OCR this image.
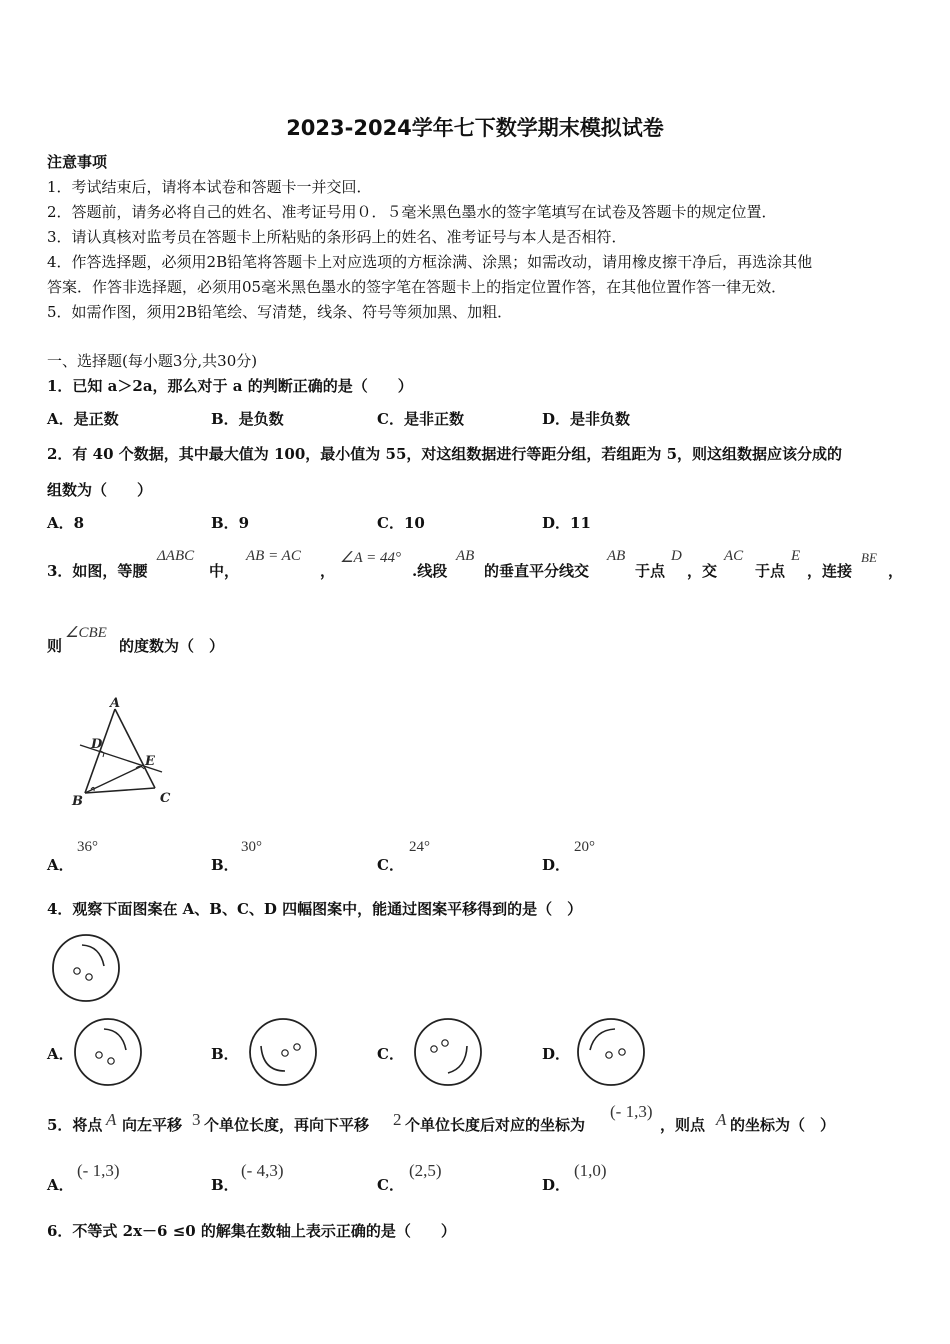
2023-2024学年七下数学期末模拟试卷
注意事项
1．考试结束后，请将本试卷和答题卡一并交回．
2．答题前，请务必将自己的姓名、准考证号用０．５毫米黑色墨水的签字笔填写在试卷及答题卡的规定位置．
3．请认真核对监考员在答题卡上所粘贴的条形码上的姓名、准考证号与本人是否相符．
4．作答选择题，必须用2B铅笔将答题卡上对应选项的方框涂满、涂黑；如需改动，请用橡皮擦干净后，再选涂其他
答案．作答非选择题，必须用05毫米黑色墨水的签字笔在答题卡上的指定位置作答，在其他位置作答一律无效．
5．如需作图，须用2B铅笔绘、写清楚，线条、符号等须加黑、加粗．
一、选择题(每小题3分,共30分)
1．已知 a＞2a，那么对于 a 的判断正确的是（　　）
A．是正数	B．是负数	C．是非正数	D．是非负数
2．有 40 个数据，其中最大值为 100，最小值为 55，对这组数据进行等距分组，若组距为 5，则这组数据应该分成的
组数为（　　）
A．8	B．9	C．10	D．11
3．如图，等腰
ΔABC
中，
AB = AC
，
∠A = 44°
.线段
AB
的垂直平分线交
AB
于点
D
，交
AC
于点
E
，连接
BE
，
则
∠CBE
的度数为（　）
A
D
E
B	C
A．
36°
B．
30°
C．
24°
D．
20°
4．观察下面图案在 A、B、C、D 四幅图案中，能通过图案平移得到的是（　）
A．	B．	C．	D．
5．将点 A 向左平移 3 个单位长度，再向下平移 2 个单位长度后对应的坐标为
(- 1,3)
，则点 A 的坐标为（　）
A．
(- 1,3)
B．
(- 4,3)
C．
(2,5)
D．
(1,0)
6．不等式 2x－6 ≤0 的解集在数轴上表示正确的是（　　）
